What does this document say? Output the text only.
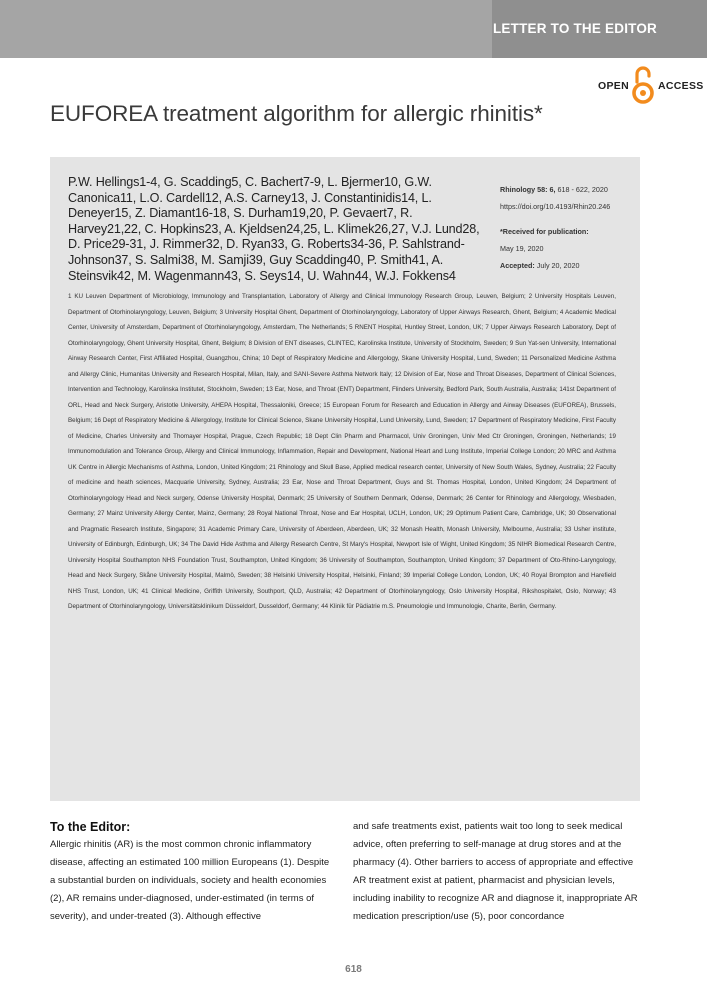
LETTER TO THE EDITOR
OPEN	ACCESS
EUFOREA treatment algorithm for allergic rhinitis*
P.W. Hellings1-4, G. Scadding5, C. Bachert7-9, L. Bjermer10, G.W. Canonica11, L.O. Cardell12, A.S. Carney13, J. Constantinidis14, L. Deneyer15, Z. Diamant16-18, S. Durham19,20, P. Gevaert7, R. Harvey21,22, C. Hopkins23, A. Kjeldsen24,25, L. Klimek26,27, V.J. Lund28, D. Price29-31, J. Rimmer32, D. Ryan33, G. Roberts34-36, P. Sahlstrand-Johnson37, S. Salmi38, M. Samji39, Guy Scadding40, P. Smith41, A. Steinsvik42, M. Wagenmann43, S. Seys14, U. Wahn44, W.J. Fokkens4
Rhinology 58: 6, 618 - 622, 2020
https://doi.org/10.4193/Rhin20.246
*Received for publication:
May 19, 2020
Accepted: July 20, 2020
1 KU Leuven Department of Microbiology, Immunology and Transplantation, Laboratory of Allergy and Clinical Immunology Research Group, Leuven, Belgium; 2 University Hospitals Leuven, Department of Otorhinolaryngology, Leuven, Belgium; 3 University Hospital Ghent, Department of Otorhinolaryngology, Laboratory of Upper Airways Research, Ghent, Belgium; 4 Academic Medical Center, University of Amsterdam, Department of Otorhinolaryngology, Amsterdam, The Netherlands; 5 RNENT Hospital, Huntley Street, London, UK; 7 Upper Airways Research Laboratory, Dept of Otorhinolaryngology, Ghent University Hospital, Ghent, Belgium; 8 Division of ENT diseases, CLINTEC, Karolinska Institute, University of Stockholm, Sweden; 9 Sun Yat-sen University, International Airway Research Center, First Affiliated Hospital, Guangzhou, China; 10 Dept of Respiratory Medicine and Allergology, Skane University Hospital, Lund, Sweden; 11 Personalized Medicine Asthma and Allergy Clinic, Humanitas University and Research Hospital, Milan, Italy, and SANI-Severe Asthma Network Italy; 12 Division of Ear, Nose and Throat Diseases, Department of Clinical Sciences, Intervention and Technology, Karolinska Institutet, Stockholm, Sweden; 13 Ear, Nose, and Throat (ENT) Department, Flinders University, Bedford Park, South Australia, Australia; 141st Department of ORL, Head and Neck Surgery, Aristotle University, AHEPA Hospital, Thessaloniki, Greece; 15 European Forum for Research and Education in Allergy and Airway Diseases (EUFOREA), Brussels, Belgium; 16 Dept of Respiratory Medicine & Allergology, Institute for Clinical Science, Skane University Hospital, Lund University, Lund, Sweden; 17 Department of Respiratory Medicine, First Faculty of Medicine, Charles University and Thomayer Hospital, Prague, Czech Republic; 18 Dept Clin Pharm and Pharmacol, Univ Groningen, Univ Med Ctr Groningen, Groningen, Netherlands; 19 Immunomodulation and Tolerance Group, Allergy and Clinical Immunology, Inflammation, Repair and Development, National Heart and Lung Institute, Imperial College London; 20 MRC and Asthma UK Centre in Allergic Mechanisms of Asthma, London, United Kingdom; 21 Rhinology and Skull Base, Applied medical research center, University of New South Wales, Sydney, Australia; 22 Faculty of medicine and heath sciences, Macquarie University, Sydney, Australia; 23 Ear, Nose and Throat Department, Guys and St. Thomas Hospital, London, United Kingdom; 24 Department of Otorhinolaryngology Head and Neck surgery, Odense University Hospital, Denmark; 25 University of Southern Denmark, Odense, Denmark; 26 Center for Rhinology and Allergology, Wiesbaden, Germany; 27 Mainz University Allergy Center, Mainz, Germany; 28 Royal National Throat, Nose and Ear Hospital, UCLH, London, UK; 29 Optimum Patient Care, Cambridge, UK; 30 Observational and Pragmatic Research Institute, Singapore; 31 Academic Primary Care, University of Aberdeen, Aberdeen, UK; 32 Monash Health, Monash University, Melbourne, Australia; 33 Usher institute, University of Edinburgh, Edinburgh, UK; 34 The David Hide Asthma and Allergy Research Centre, St Mary's Hospital, Newport Isle of Wight, United Kingdom; 35 NIHR Biomedical Research Centre, University Hospital Southampton NHS Foundation Trust, Southampton, United Kingdom; 36 University of Southampton, Southampton, United Kingdom; 37 Department of Oto-Rhino-Laryngology, Head and Neck Surgery, Skåne University Hospital, Malmö, Sweden; 38 Helsinki University Hospital, Helsinki, Finland; 39 Imperial College London, London, UK; 40 Royal Brompton and Harefield NHS Trust, London, UK; 41 Clinical Medicine, Griffith University, Southport, QLD, Australia; 42 Department of Otorhinolaryngology, Oslo University Hospital, Rikshospitalet, Oslo, Norway; 43 Department of Otorhinolaryngology, Universitätsklinikum Düsseldorf, Dusseldorf, Germany; 44 Klinik für Pädiatrie m.S. Pneumologie und Immunologie, Charite, Berlin, Germany.
To the Editor:

Allergic rhinitis (AR) is the most common chronic inflammatory disease, affecting an estimated 100 million Europeans (1). Despite a substantial burden on individuals, society and health economies (2), AR remains under-diagnosed, under-estimated (in terms of severity), and under-treated (3). Although effective

and safe treatments exist, patients wait too long to seek medical advice, often preferring to self-manage at drug stores and at the pharmacy (4). Other barriers to access of appropriate and effective AR treatment exist at patient, pharmacist and physician levels, including inability to recognize AR and diagnose it, inappropriate AR medication prescription/use (5), poor concordance

618
